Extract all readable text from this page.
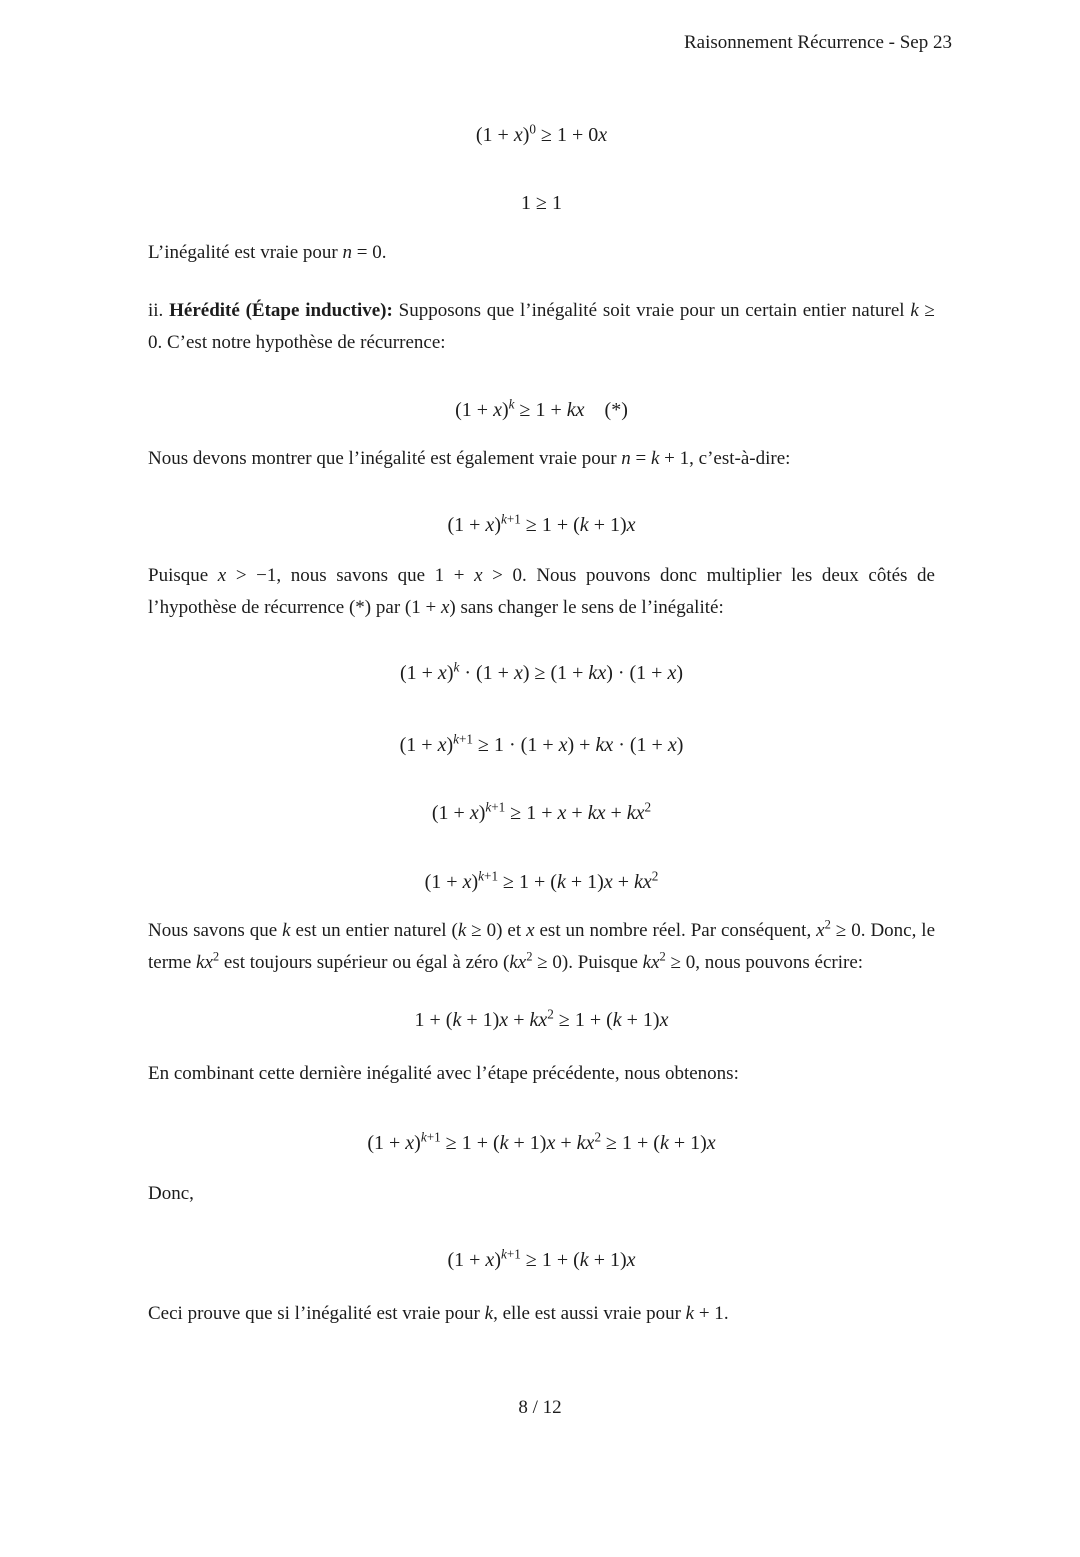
Raisonnement Récurrence - Sep 23
$(1 + x)^0 \ge 1 + 0x$
1 ≥ 1

L’inégalité est vraie pour n = 0.

ii. Hérédité (Étape inductive): Supposons que l’inégalité soit vraie pour un certain entier naturel k ≥ 0. C’est notre hypothèse de récurrence:

$(1 + x)^k \ge 1$ + kx (*)

Nous devons montrer que l’inégalité est également vraie pour n = k + 1, c’est-à-dire:

$(1 + x)^{k+1} \ge 1 + (k + 1)x$

Puisque x > −1, nous savons que 1 + x > 0. Nous pouvons donc multiplier les deux côtés de l’hypothèse de récurrence (*) par (1 + x) sans changer le sens de l’inégalité:

$(1 + x)^k \cdot (1 + x) \ge (1 + kx) \cdot (1 + x)$
$(1 + x)^{k+1} \ge 1 \cdot (1 + x)$ + kx · (1 + x)
$(1 + x)^{k+1} \ge 1 + x$ + kx + $kx^2$
$(1 + x)^{k+1} \ge 1 + (k + 1)x + kx^2$

Nous savons que k est un entier naturel (k ≥ 0) et x est un nombre réel. Par conséquent, $x^2 \ge 0$. Donc, le terme $kx^2$ est toujours supérieur ou égal à zéro $(kx^2 \ge 0)$. Puisque $kx^2 \ge 0$, nous pouvons écrire:

$1 + (k + 1)x + kx^2 \ge 1 + (k + 1)x$

En combinant cette dernière inégalité avec l’étape précédente, nous obtenons:

$(1 + x)^{k+1} \ge 1 + (k + 1)x + kx^2 \ge 1 + (k + 1)x$

Donc,

$(1 + x)^{k+1} \ge 1 + (k + 1)x$

Ceci prouve que si l’inégalité est vraie pour k, elle est aussi vraie pour k + 1.

8 / 12
